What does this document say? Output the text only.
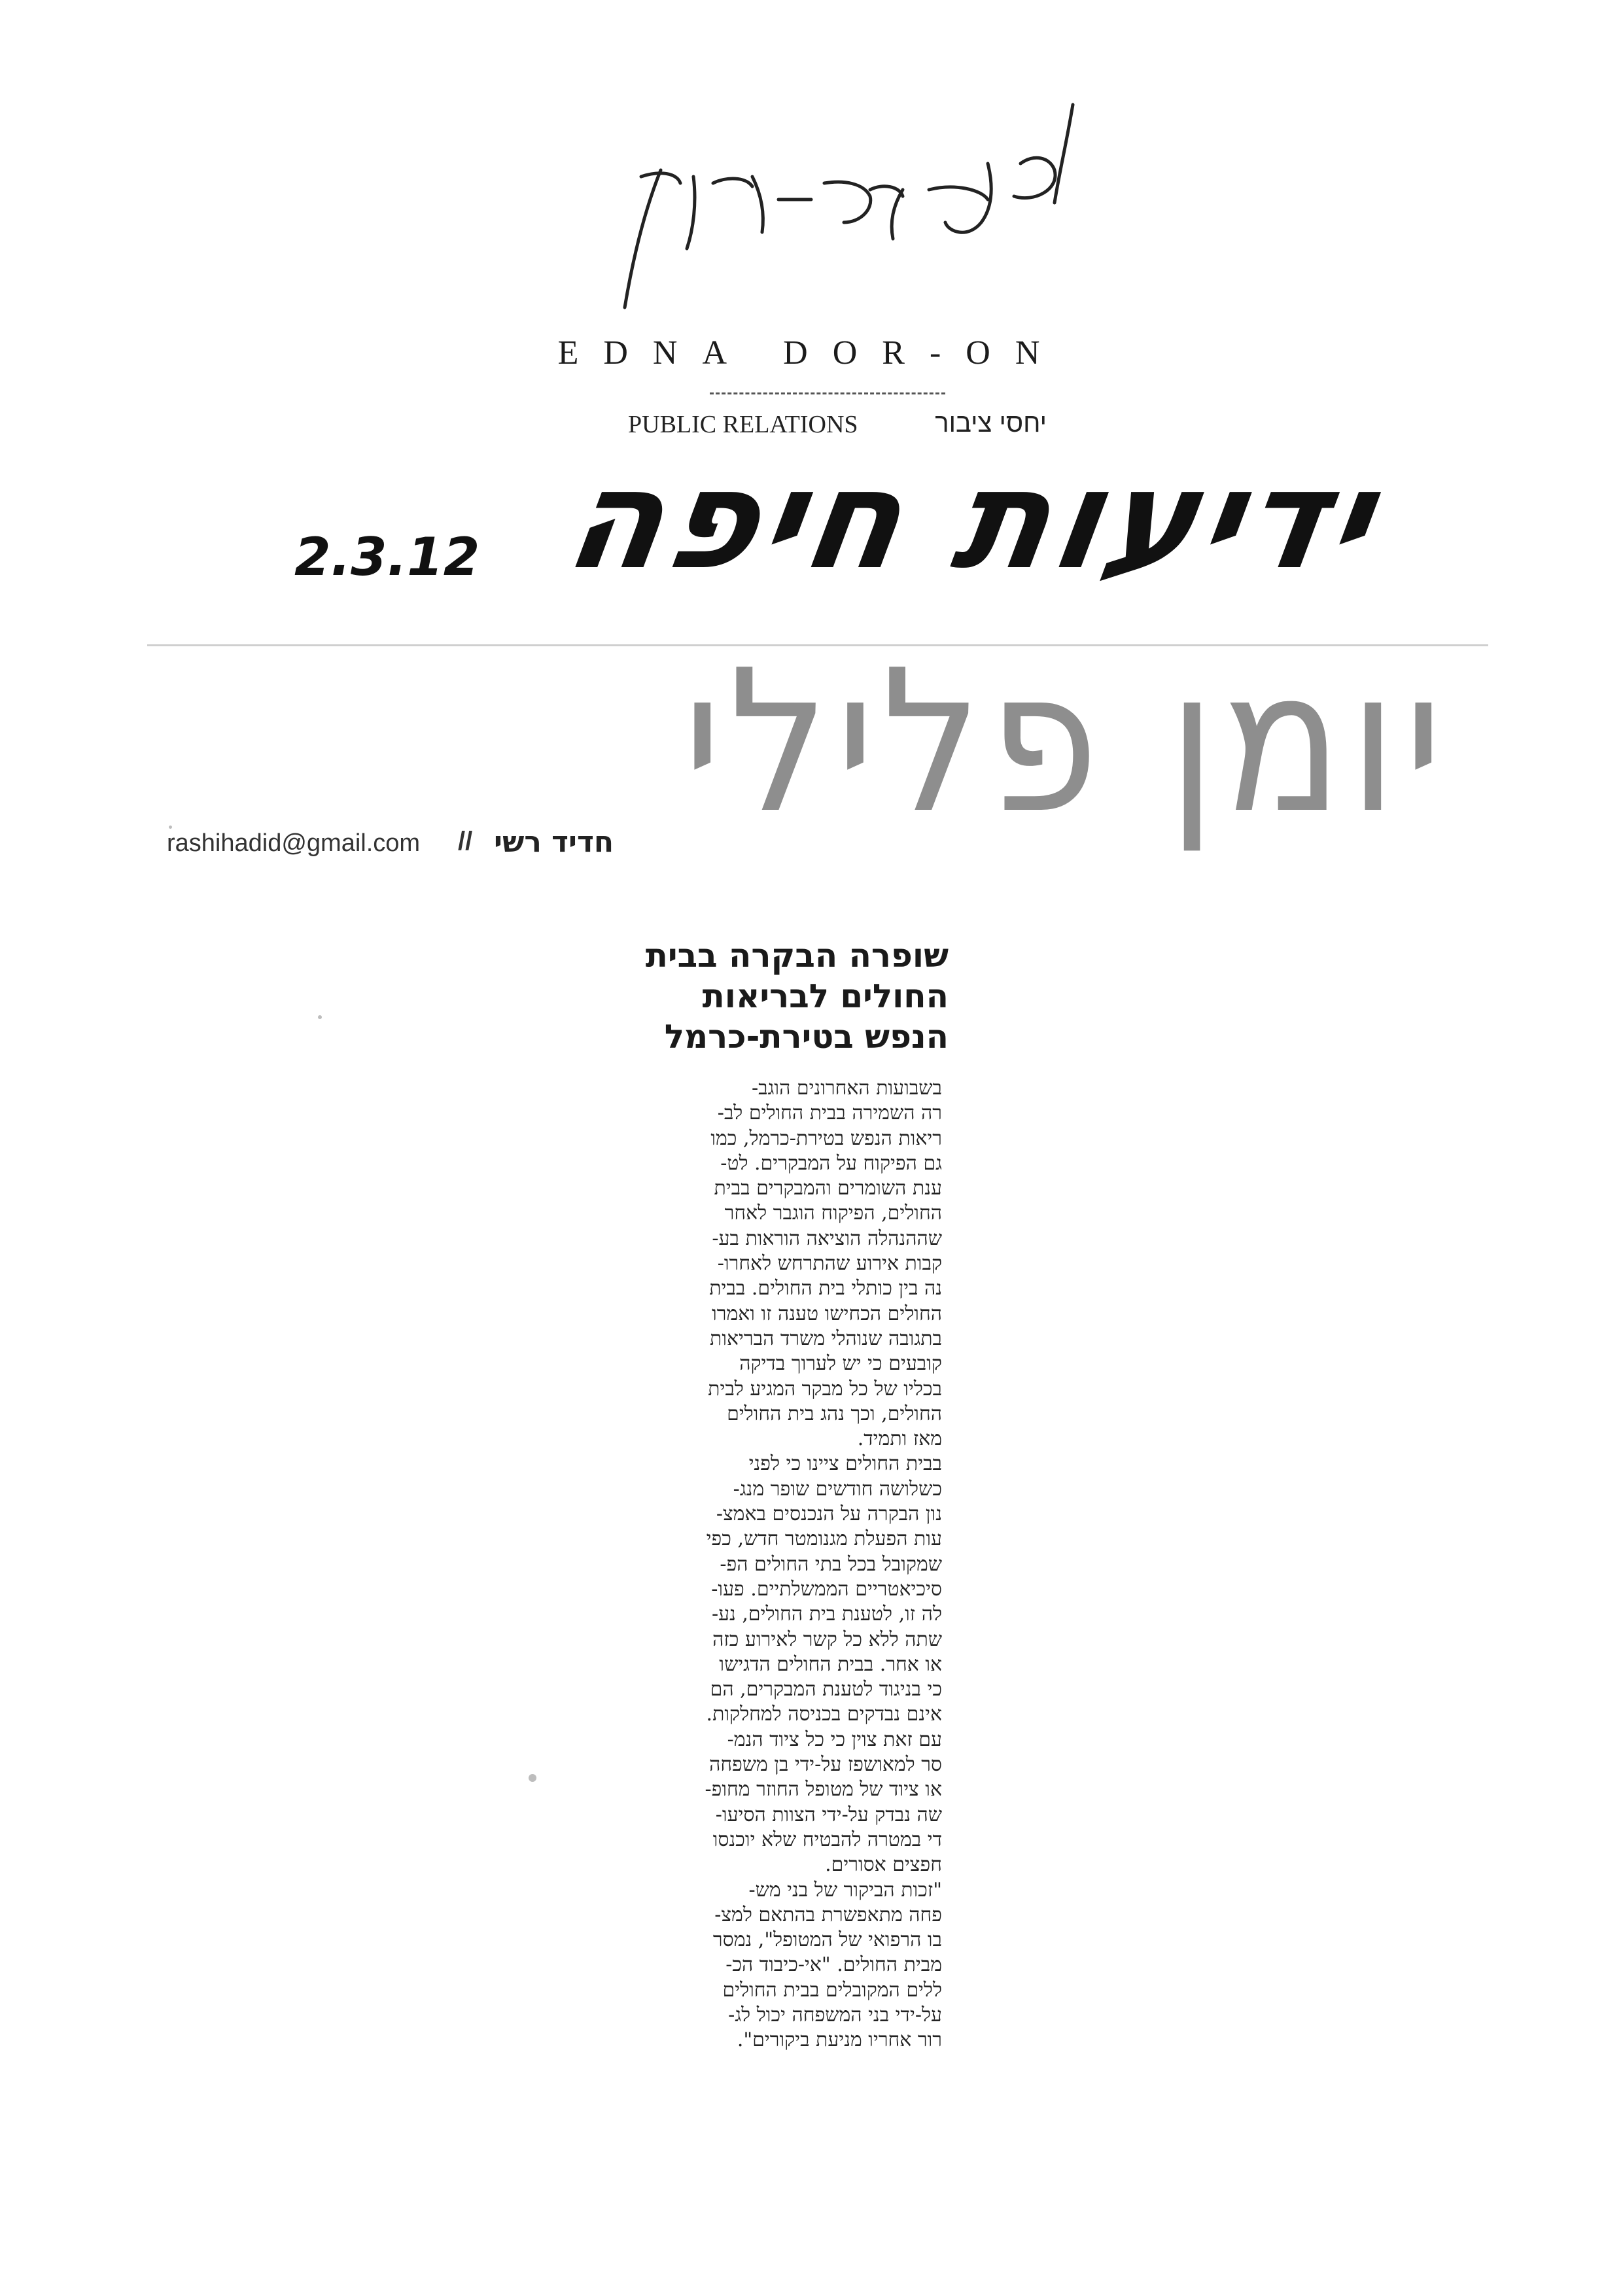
EDNA DOR-ON
PUBLIC RELATIONS	יחסי ציבור
ידיעות חיפה
2.3.12
יומן פלילי
rashihadid@gmail.com // חדיד רשי
שופרה הבקרה בבית
החולים לבריאות
הנפש בטירת-כרמל
בשבועות האחרונים הוגב-
רה השמירה בבית החולים לב-
ריאות הנפש בטירת-כרמל, כמו
גם הפיקוח על המבקרים. לט-
ענת השומרים והמבקרים בבית
החולים, הפיקוח הוגבר לאחר
שההנהלה הוציאה הוראות בע-
קבות אירוע שהתרחש לאחרו-
נה בין כותלי בית החולים. בבית
החולים הכחישו טענה זו ואמרו
בתגובה שנוהלי משרד הבריאות
קובעים כי יש לערוך בדיקה
בכליו של כל מבקר המגיע לבית
החולים, וכך נהג בית החולים
מאז ותמיד.
בבית החולים ציינו כי לפני
כשלושה חודשים שופר מנג-
נון הבקרה על הנכנסים באמצ-
עות הפעלת מגנומטר חדש, כפי
שמקובל בכל בתי החולים הפ-
סיכיאטריים הממשלתיים. פעו-
לה זו, לטענת בית החולים, נע-
שתה ללא כל קשר לאירוע כזה
או אחר. בבית החולים הדגישו
כי בניגוד לטענת המבקרים, הם
אינם נבדקים בכניסה למחלקות.
עם זאת צוין כי כל ציוד הנמ-
סר למאושפז על-ידי בן משפחה
או ציוד של מטופל החוזר מחופ-
שה נבדק על-ידי הצוות הסיעו-
די במטרה להבטיח שלא יוכנסו
חפצים אסורים.
"זכות הביקור של בני מש-
פחה מתאפשרת בהתאם למצ-
בו הרפואי של המטופל", נמסר
מבית החולים. "אי-כיבוד הכ-
ללים המקובלים בבית החולים
על-ידי בני המשפחה יכול לג-
רור אחריו מניעת ביקורים".
